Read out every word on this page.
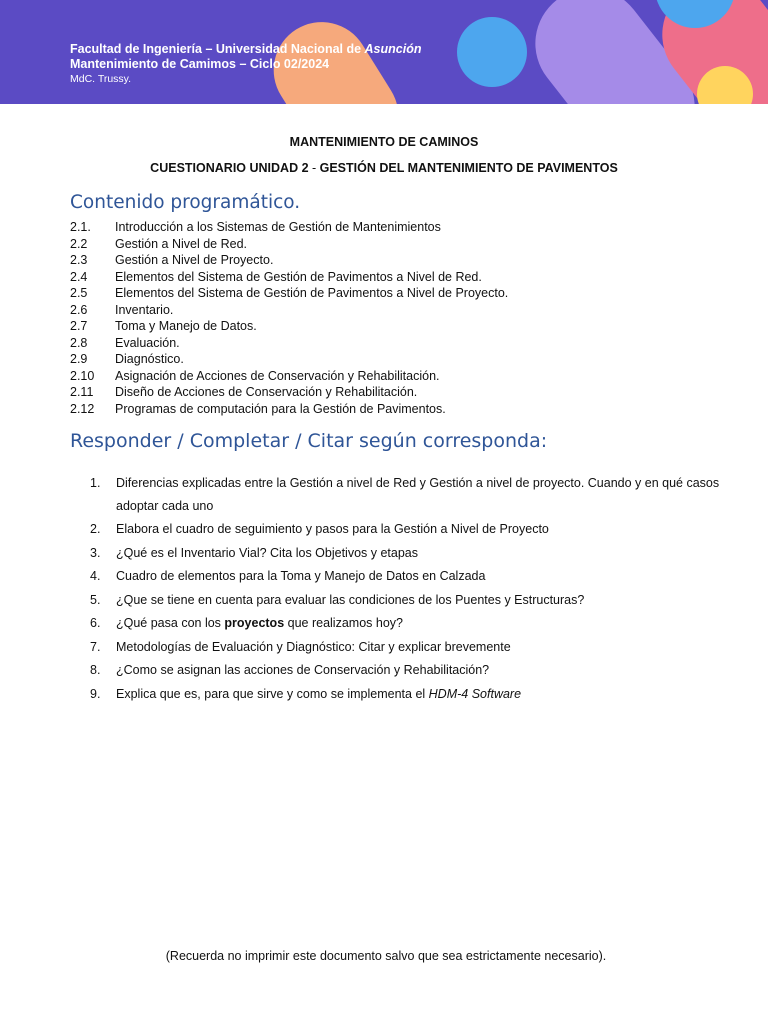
Facultad de Ingeniería – Universidad Nacional de Asunción
Mantenimiento de Camimos – Ciclo 02/2024
MdC. Trussy.
MANTENIMIENTO DE CAMINOS
CUESTIONARIO UNIDAD 2 - GESTIÓN DEL MANTENIMIENTO DE PAVIMENTOS
Contenido programático.
2.1.	Introducción a los Sistemas de Gestión de Mantenimientos
2.2	Gestión a Nivel de Red.
2.3	Gestión a Nivel de Proyecto.
2.4	Elementos del Sistema de Gestión de Pavimentos a Nivel de Red.
2.5	Elementos del Sistema de Gestión de Pavimentos a Nivel de Proyecto.
2.6	Inventario.
2.7	Toma y Manejo de Datos.
2.8	Evaluación.
2.9	Diagnóstico.
2.10	Asignación de Acciones de Conservación y Rehabilitación.
2.11	Diseño de Acciones de Conservación y Rehabilitación.
2.12	Programas de computación para la Gestión de Pavimentos.
Responder / Completar / Citar según corresponda:
1.	Diferencias explicadas entre la Gestión a nivel de Red y Gestión a nivel de proyecto. Cuando y en qué casos adoptar cada uno
2.	Elabora el cuadro de seguimiento y pasos para la Gestión a Nivel de Proyecto
3.	¿Qué es el Inventario Vial? Cita los Objetivos y etapas
4.	Cuadro de elementos para la Toma y Manejo de Datos en Calzada
5.	¿Que se tiene en cuenta para evaluar las condiciones de los Puentes y Estructuras?
6.	¿Qué pasa con los proyectos que realizamos hoy?
7.	Metodologías de Evaluación y Diagnóstico: Citar y explicar brevemente
8.	¿Como se asignan las acciones de Conservación y Rehabilitación?
9.	Explica que es, para que sirve y como se implementa el HDM-4 Software
(Recuerda no imprimir este documento salvo que sea estrictamente necesario).
